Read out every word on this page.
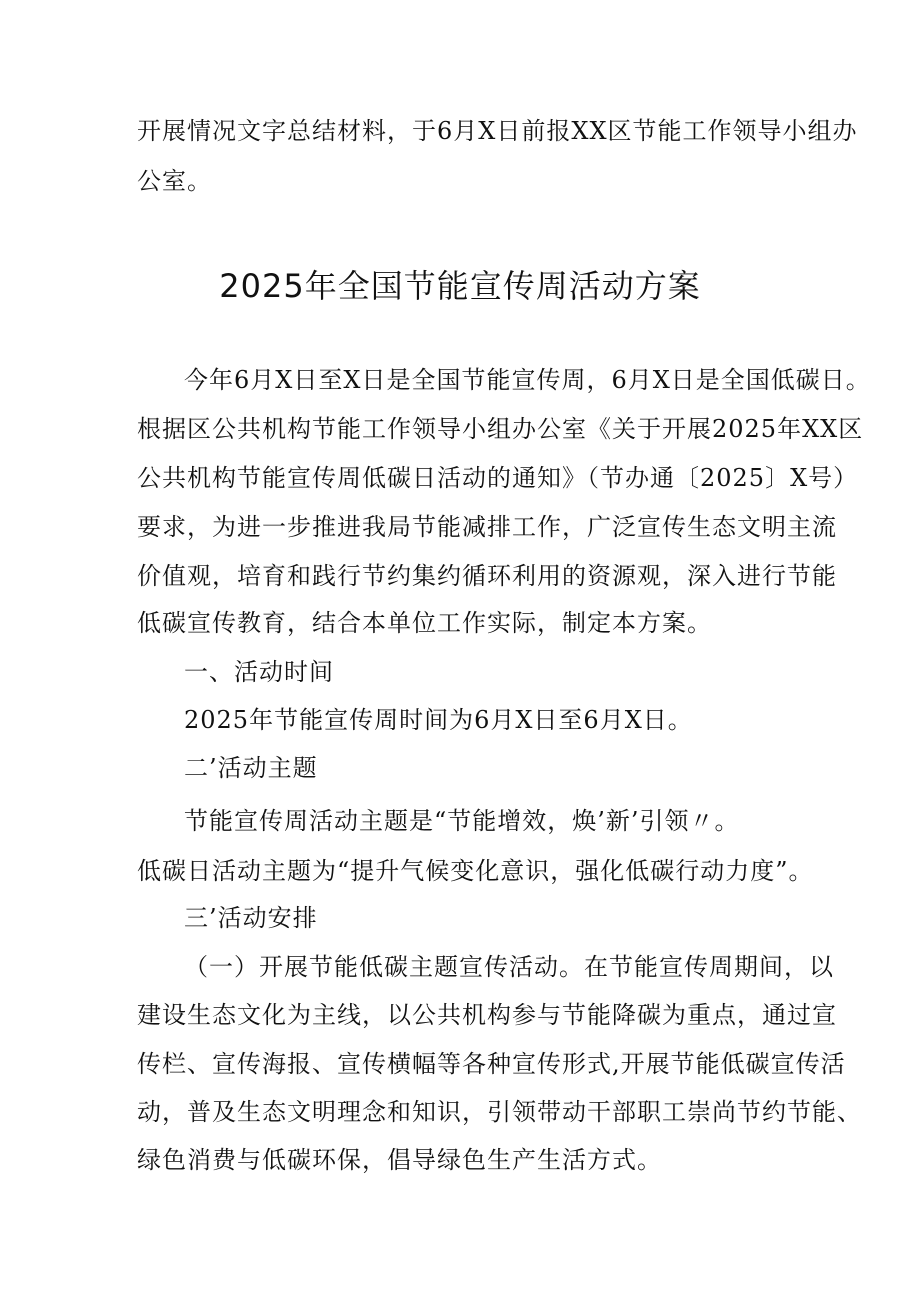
开展情况文字总结材料，于6月X日前报XX区节能工作领导小组办
公室。
2025年全国节能宣传周活动方案
今年6月X日至X日是全国节能宣传周，6月X日是全国低碳日。
根据区公共机构节能工作领导小组办公室《关于开展2025年XX区
公共机构节能宣传周低碳日活动的通知》（节办通〔2025〕X号）
要求，为进一步推进我局节能减排工作，广泛宣传生态文明主流
价值观，培育和践行节约集约循环利用的资源观，深入进行节能
低碳宣传教育，结合本单位工作实际，制定本方案。
一、活动时间
2025年节能宣传周时间为6月X日至6月X日。
二’活动主题
节能宣传周活动主题是“节能增效，焕’新’引领〃。
低碳日活动主题为“提升气候变化意识，强化低碳行动力度”。
三’活动安排
（一）开展节能低碳主题宣传活动。在节能宣传周期间，以
建设生态文化为主线，以公共机构参与节能降碳为重点，通过宣
传栏、宣传海报、宣传横幅等各种宣传形式,开展节能低碳宣传活
动，普及生态文明理念和知识，引领带动干部职工崇尚节约节能、
绿色消费与低碳环保，倡导绿色生产生活方式。
